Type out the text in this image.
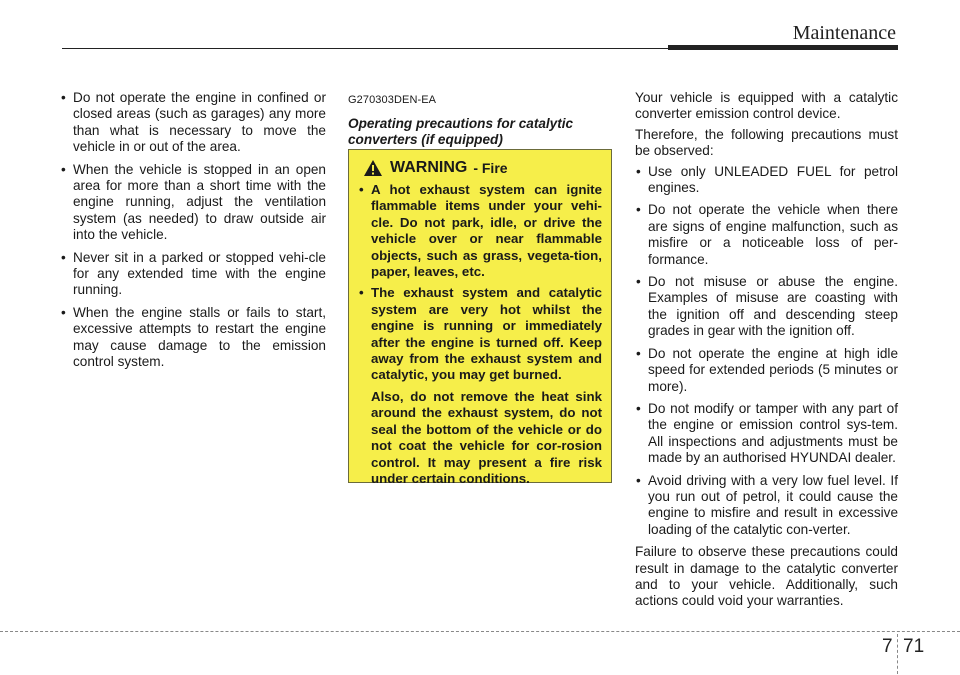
Maintenance
• Do not operate the engine in confined or closed areas (such as garages) any more than what is necessary to move the vehicle in or out of the area.
• When the vehicle is stopped in an open area for more than a short time with the engine running, adjust the ventilation system (as needed) to draw outside air into the vehicle.
• Never sit in a parked or stopped vehi-cle for any extended time with the engine running.
• When the engine stalls or fails to start, excessive attempts to restart the engine may cause damage to the emission control system.
G270303DEN-EA
Operating precautions for catalytic converters (if equipped)
WARNING - Fire
• A hot exhaust system can ignite flammable items under your vehi-cle. Do not park, idle, or drive the vehicle over or near flammable objects, such as grass, vegeta-tion, paper, leaves, etc.
• The exhaust system and catalytic system are very hot whilst the engine is running or immediately after the engine is turned off. Keep away from the exhaust system and catalytic, you may get burned.

Also, do not remove the heat sink around the exhaust system, do not seal the bottom of the vehicle or do not coat the vehicle for cor-rosion control. It may present a fire risk under certain conditions.

Your vehicle is equipped with a catalytic converter emission control device.

Therefore, the following precautions must be observed:

• Use only UNLEADED FUEL for petrol engines.
• Do not operate the vehicle when there are signs of engine malfunction, such as misfire or a noticeable loss of per-formance.
• Do not misuse or abuse the engine. Examples of misuse are coasting with the ignition off and descending steep grades in gear with the ignition off.
• Do not operate the engine at high idle speed for extended periods (5 minutes or more).
• Do not modify or tamper with any part of the engine or emission control sys-tem. All inspections and adjustments must be made by an authorised HYUNDAI dealer.
• Avoid driving with a very low fuel level. If you run out of petrol, it could cause the engine to misfire and result in excessive loading of the catalytic con-verter.

Failure to observe these precautions could result in damage to the catalytic converter and to your vehicle. Additionally, such actions could void your warranties.

7 71
